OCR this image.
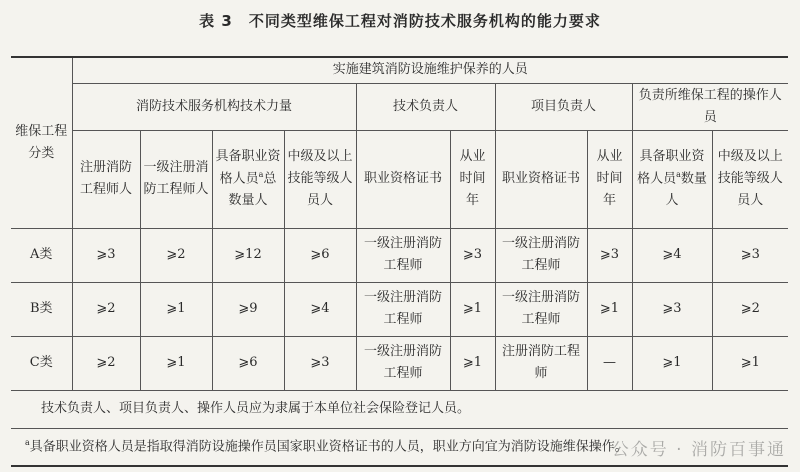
表 3　不同类型维保工程对消防技术服务机构的能力要求
维保工程分类	实施建筑消防设施维护保养的人员									
	消防技术服务机构技术力量				技术负责人		项目负责人		负责所维保工程的操作人员	
	注册消防工程师人	一级注册消防工程师人	具备职业资格人员$^a$总数量人	中级及以上技能等级人员人	职业资格证书	从业时间年	职业资格证书	从业时间年	具备职业资格人员$^a$数量人	中级及以上技能等级人员人
A类	⩾3	⩾2	⩾12	⩾6	一级注册消防工程师	⩾3	一级注册消防工程师	⩾3	⩾4	⩾3
B类	⩾2	⩾1	⩾9	⩾4	一级注册消防工程师	⩾1	一级注册消防工程师	⩾1	⩾3	⩾2
C类	⩾2	⩾1	⩾6	⩾3	一级注册消防工程师	⩾1	注册消防工程师	—	⩾1	⩾1
技术负责人、项目负责人、操作人员应为隶属于本单位社会保险登记人员。										
$^a$具备职业资格人员是指取得消防设施操作员国家职业资格证书的人员，职业方向宜为消防设施维保操作。										
公众号 · 消防百事通
